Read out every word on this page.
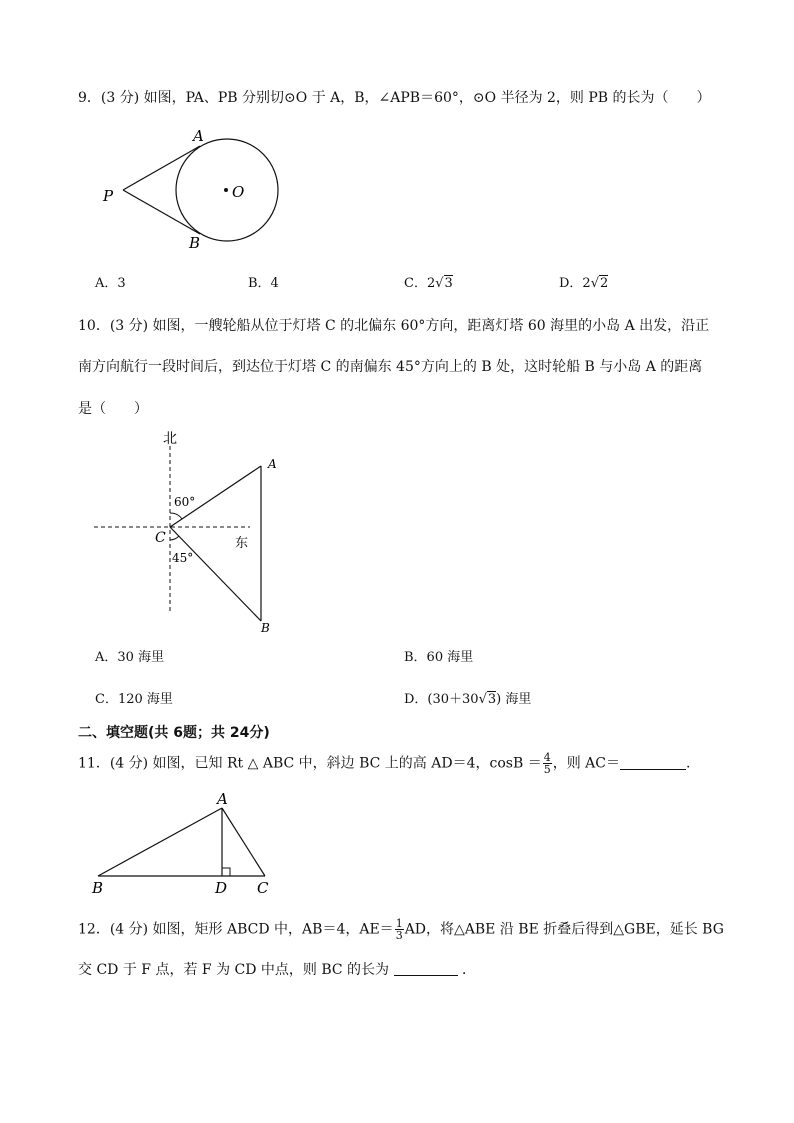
9．(3 分) 如图，PA、PB 分别切⊙O 于 A，B，∠APB＝60°，⊙O 半径为 2，则 PB 的长为（　　）
A
B
P	O
A．3	B．4	C．2√3	D．2√2
10．(3 分) 如图，一艘轮船从位于灯塔 C 的北偏东 60°方向，距离灯塔 60 海里的小岛 A 出发，沿正
南方向航行一段时间后，到达位于灯塔 C 的南偏东 45°方向上的 B 处，这时轮船 B 与小岛 A 的距离
是（　　）
北
东
A
B
C
60°
45°
A．30 海里	B．60 海里
C．120 海里	D．(30＋30√3) 海里
二、填空题(共 6题；共 24分)
11．(4 分) 如图，已知 Rt △ ABC 中，斜边 BC 上的高 AD＝4，$\cos B = \frac{4}{5}$ ，则 AC＝	.
A
B	D C
12．(4 分) 如图，矩形 ABCD 中，AB＝4，$AE= \frac{1}{3}$ AD，将△ABE 沿 BE 折叠后得到△GBE，延长 BG
交 CD 于 F 点，若 F 为 CD 中点，则 BC 的长为	．
